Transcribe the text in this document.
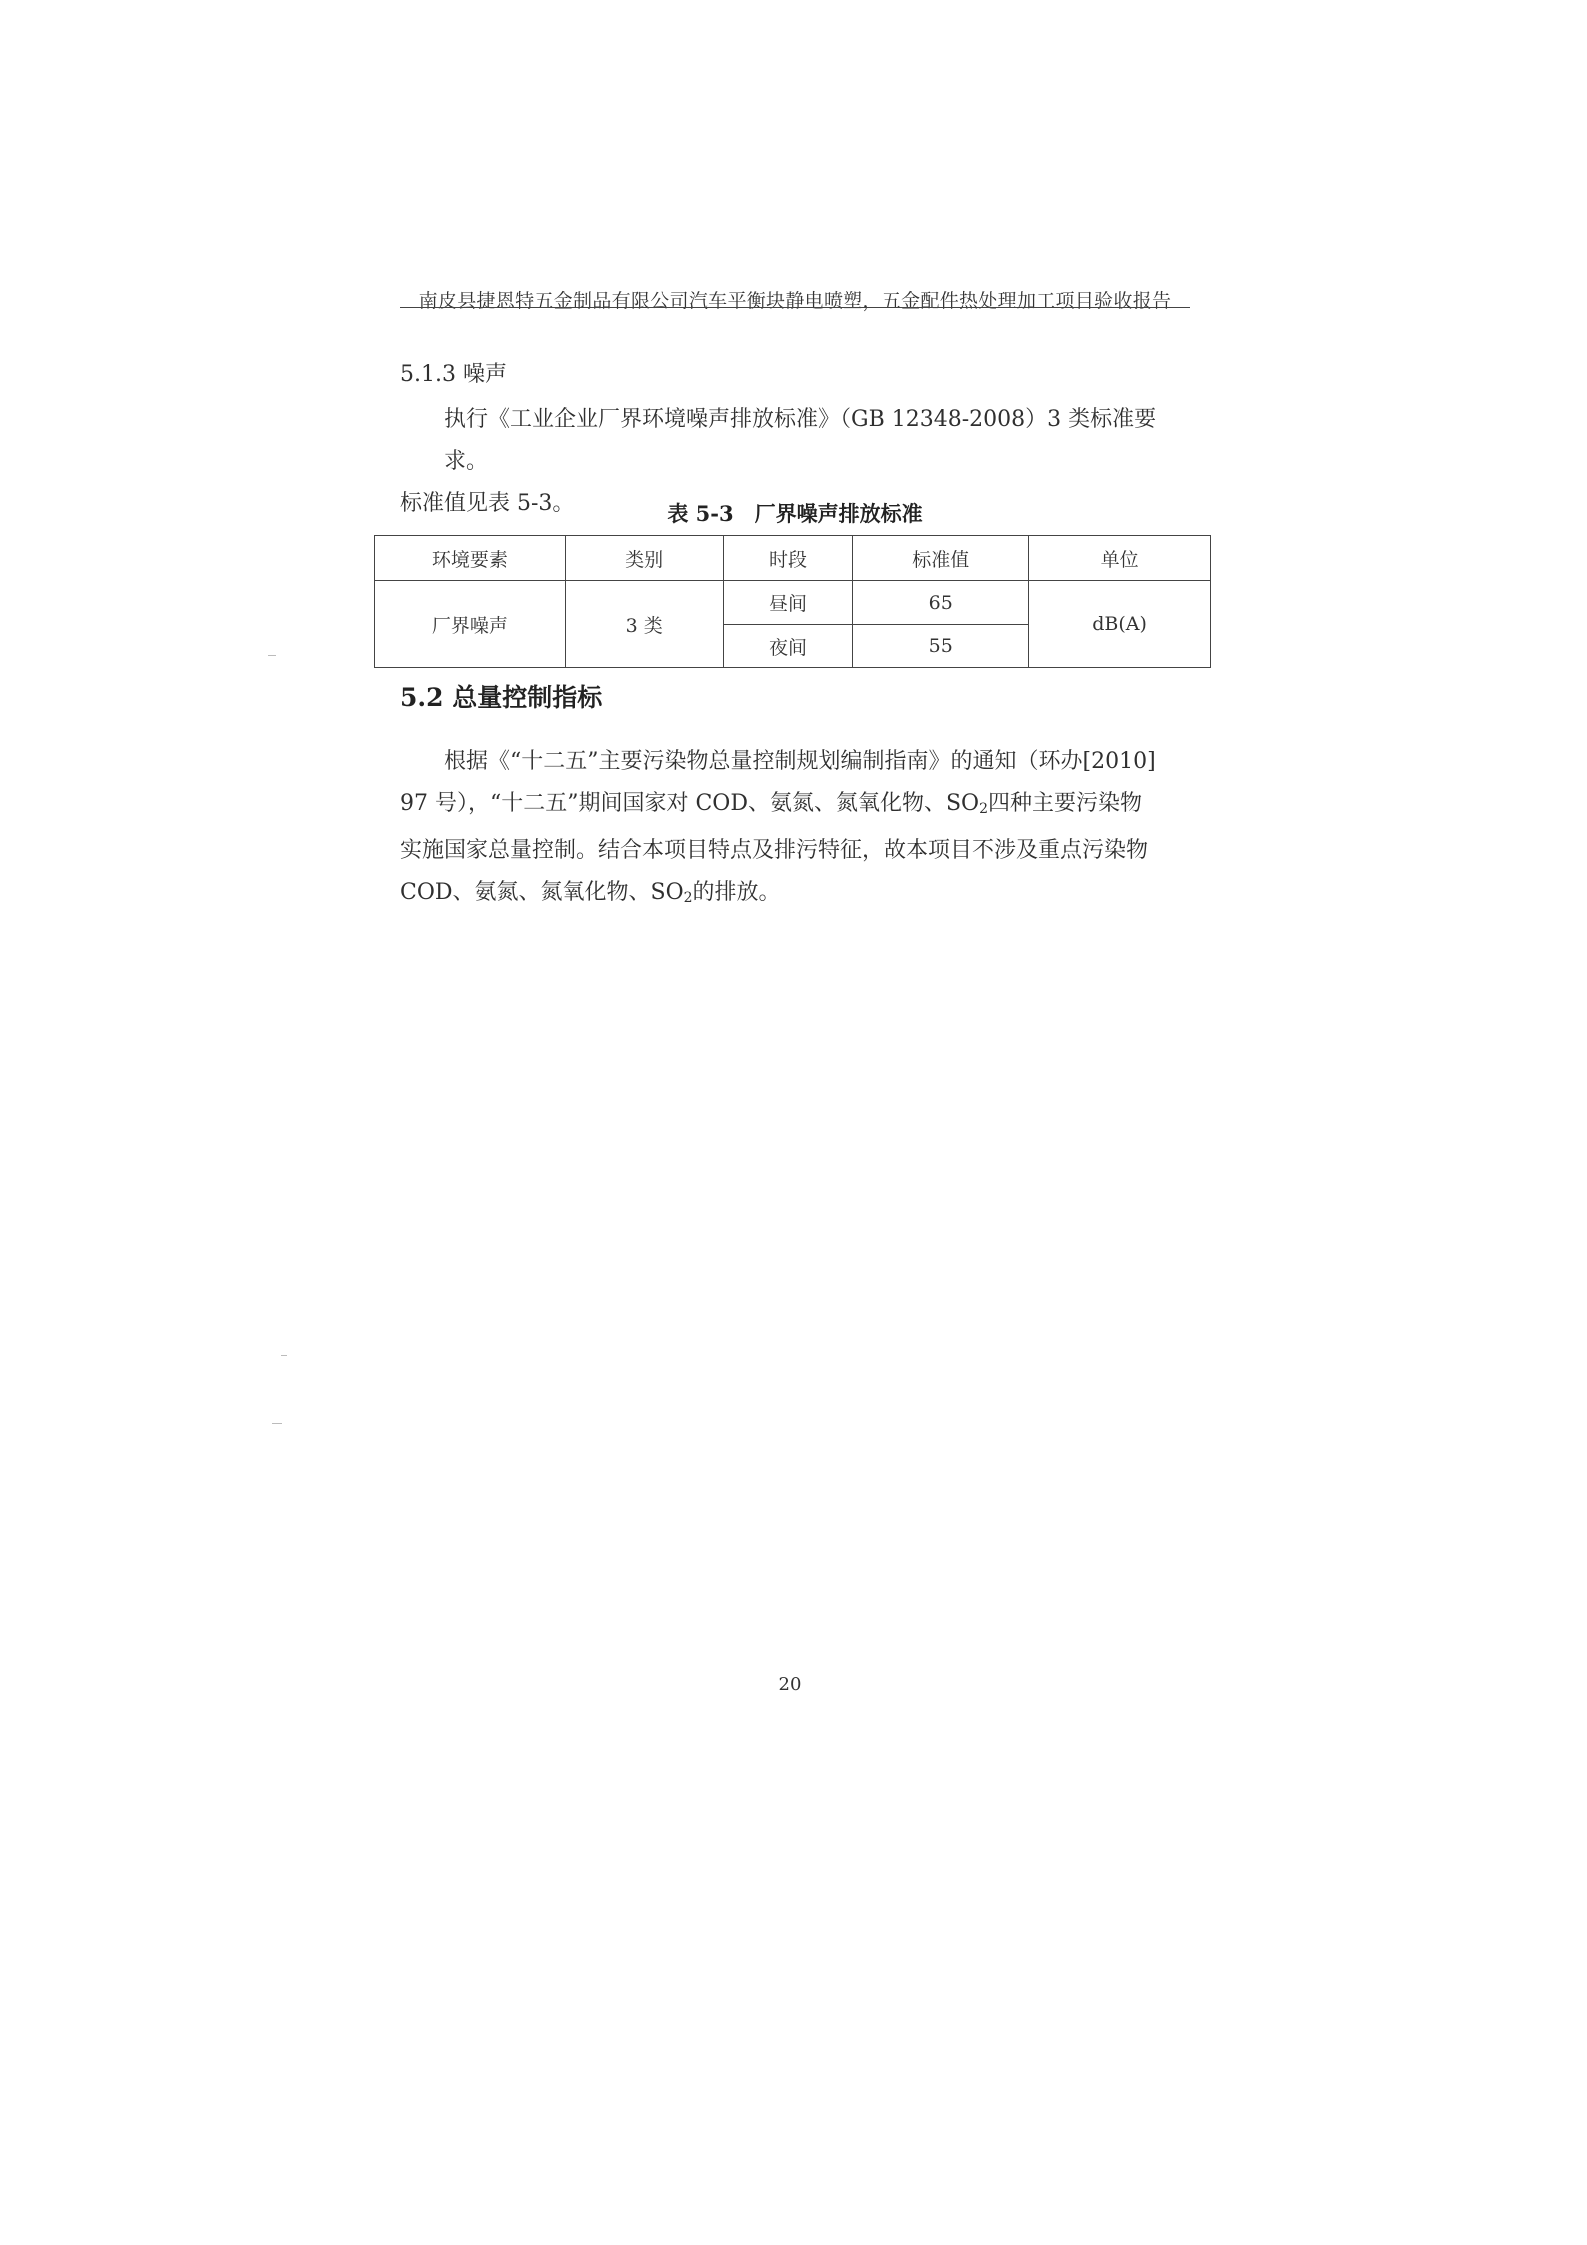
南皮县捷恩特五金制品有限公司汽车平衡块静电喷塑，五金配件热处理加工项目验收报告
5.1.3 噪声
执行《工业企业厂界环境噪声排放标准》（GB 12348-2008）3 类标准要求。
标准值见表 5-3。	表 5-3　厂界噪声排放标准
环境要素	类别	时段	标准值	单位
厂界噪声	3 类	昼间	65	dB(A)
		夜间	55	
5.2 总量控制指标
根据《“十二五”主要污染物总量控制规划编制指南》的通知（环办[2010]
97 号），“十二五”期间国家对 COD、氨氮、氮氧化物、$SO_2$四种主要污染物
实施国家总量控制。结合本项目特点及排污特征，故本项目不涉及重点污染物
COD、氨氮、氮氧化物、$SO_2$的排放。
20
